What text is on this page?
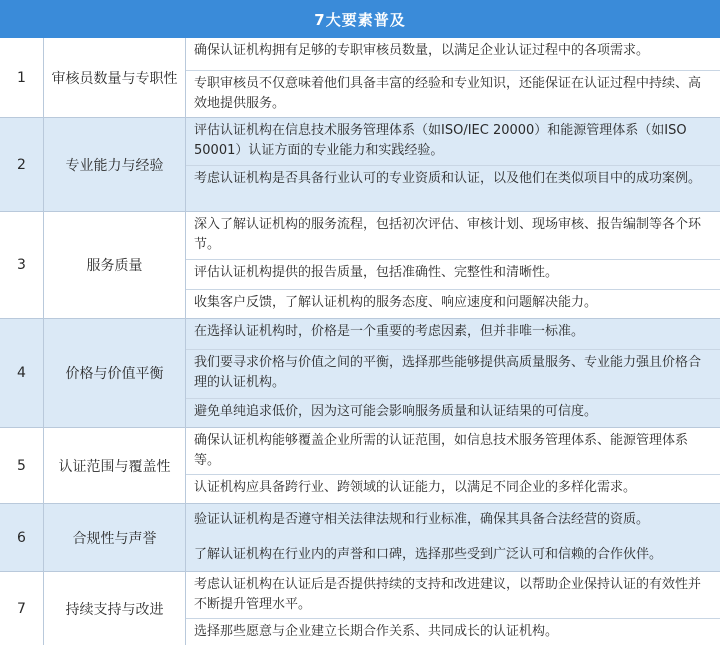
7大要素普及
1	审核员数量与专职性
确保认证机构拥有足够的专职审核员数量，以满足企业认证过程中的各项需求。
专职审核员不仅意味着他们具备丰富的经验和专业知识，还能保证在认证过程中持续、高效地提供服务。
2	专业能力与经验
评估认证机构在信息技术服务管理体系（如ISO/IEC 20000）和能源管理体系（如ISO 50001）认证方面的专业能力和实践经验。
考虑认证机构是否具备行业认可的专业资质和认证，以及他们在类似项目中的成功案例。
3	服务质量
深入了解认证机构的服务流程，包括初次评估、审核计划、现场审核、报告编制等各个环节。
评估认证机构提供的报告质量，包括准确性、完整性和清晰性。
收集客户反馈，了解认证机构的服务态度、响应速度和问题解决能力。
4	价格与价值平衡
在选择认证机构时，价格是一个重要的考虑因素，但并非唯一标准。
我们要寻求价格与价值之间的平衡，选择那些能够提供高质量服务、专业能力强且价格合理的认证机构。
避免单纯追求低价，因为这可能会影响服务质量和认证结果的可信度。
5	认证范围与覆盖性
确保认证机构能够覆盖企业所需的认证范围，如信息技术服务管理体系、能源管理体系等。
认证机构应具备跨行业、跨领域的认证能力，以满足不同企业的多样化需求。
6	合规性与声誉
验证认证机构是否遵守相关法律法规和行业标准，确保其具备合法经营的资质。
了解认证机构在行业内的声誉和口碑，选择那些受到广泛认可和信赖的合作伙伴。
7	持续支持与改进
考虑认证机构在认证后是否提供持续的支持和改进建议，以帮助企业保持认证的有效性并不断提升管理水平。
选择那些愿意与企业建立长期合作关系、共同成长的认证机构。
